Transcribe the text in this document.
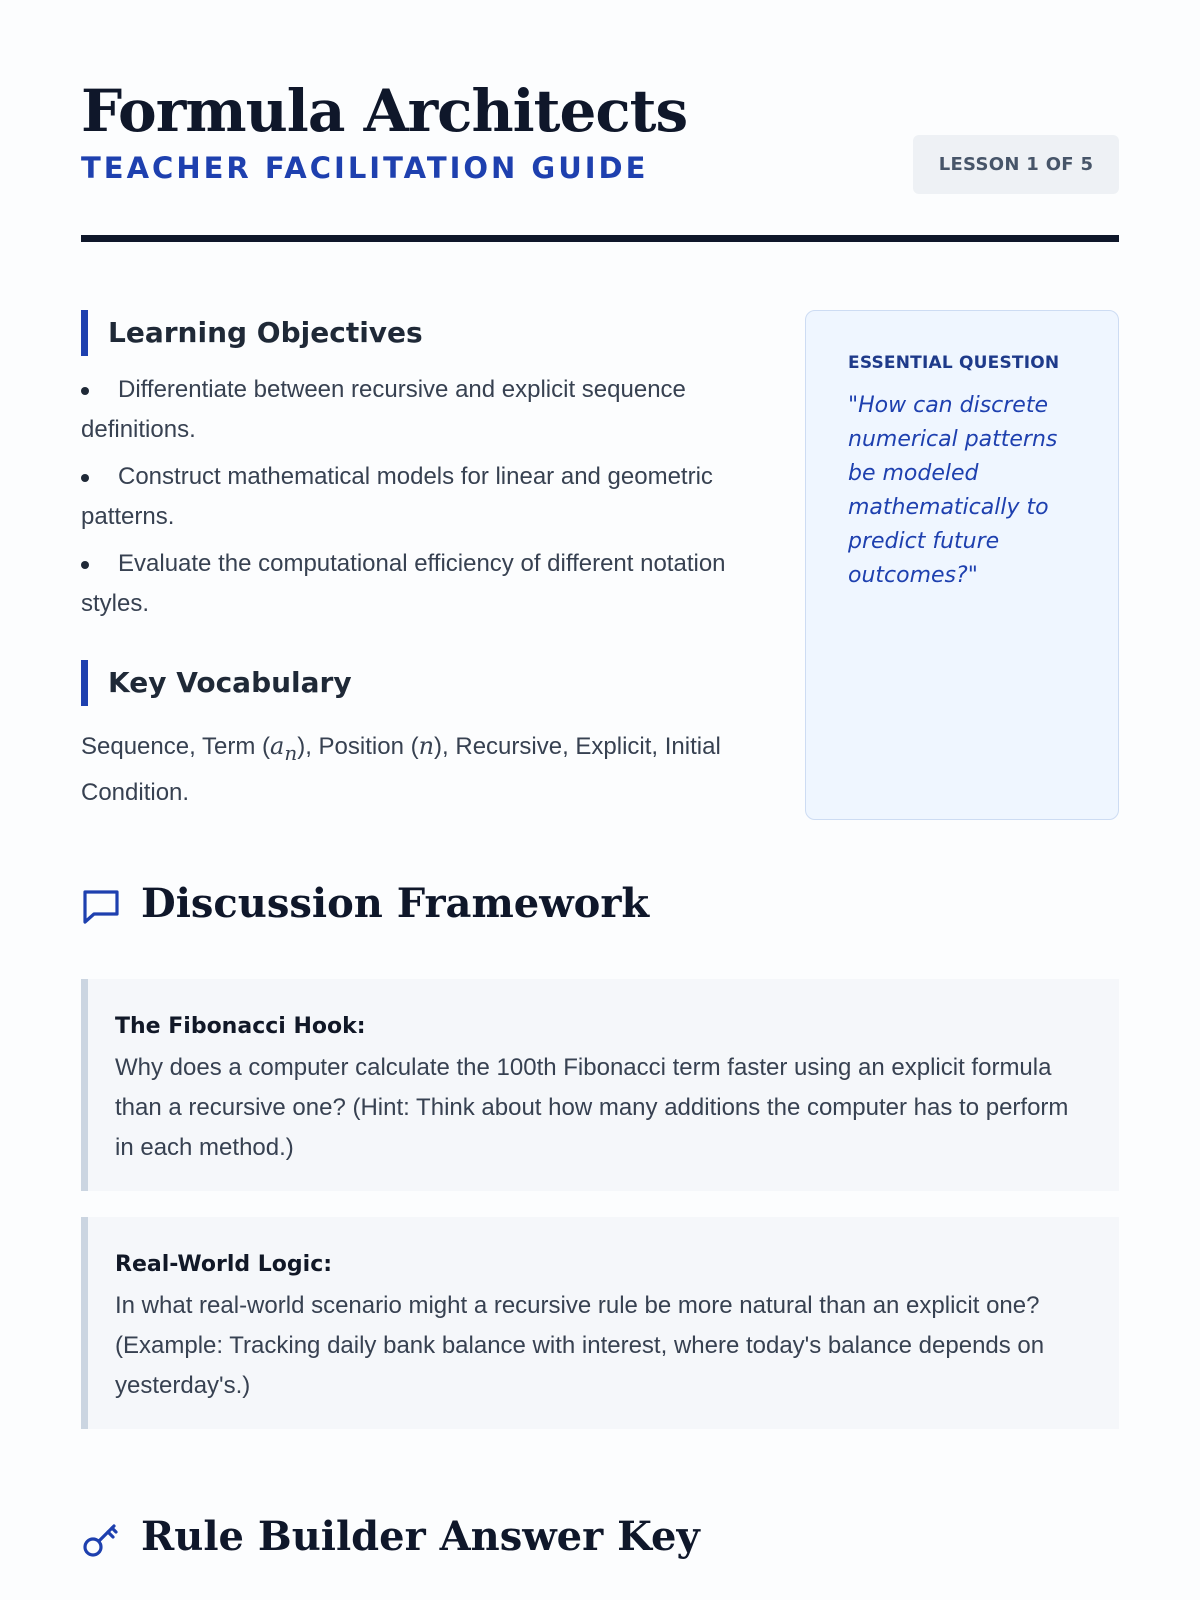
Formula Architects
TEACHER FACILITATION GUIDE	LESSON 1 OF 5
Learning Objectives
Differentiate between recursive and explicit sequence definitions.
Construct mathematical models for linear and geometric patterns.
Evaluate the computational efficiency of different notation styles.
Key Vocabulary

Sequence, Term $(a_n)$, Position (n), Recursive, Explicit, Initial Condition.

ESSENTIAL QUESTION
"How can discrete numerical patterns be modeled mathematically to predict future outcomes?"
Discussion Framework
The Fibonacci Hook:
Why does a computer calculate the 100th Fibonacci term faster using an explicit formula than a recursive one? (Hint: Think about how many additions the computer has to perform in each method.)
Real-World Logic:
In what real-world scenario might a recursive rule be more natural than an explicit one? (Example: Tracking daily bank balance with interest, where today's balance depends on yesterday's.)
Rule Builder Answer Key
